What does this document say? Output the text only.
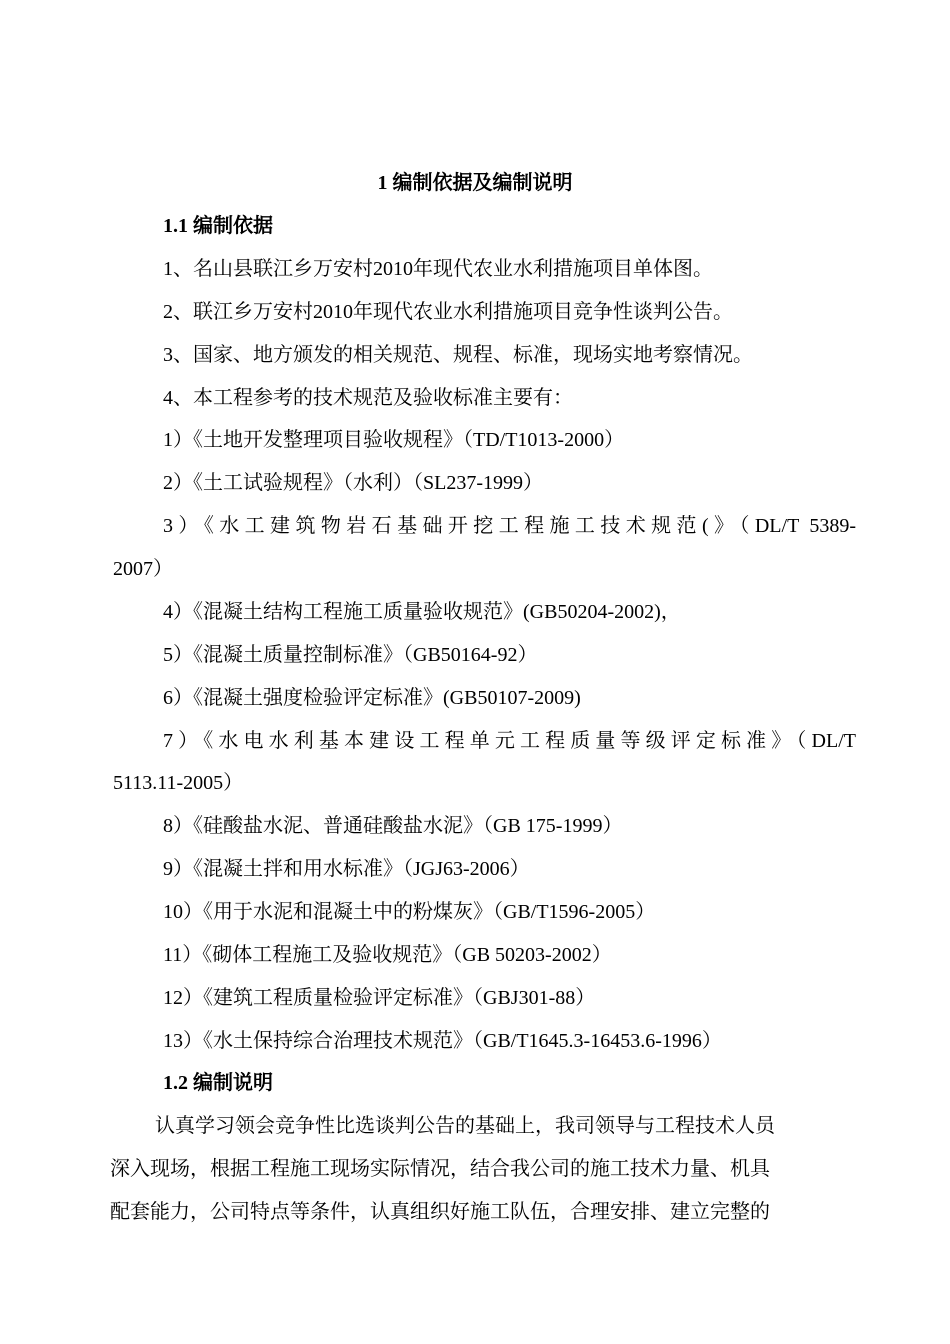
1 编制依据及编制说明
1.1 编制依据
1、名山县联江乡万安村2010年现代农业水利措施项目单体图。
2、联江乡万安村2010年现代农业水利措施项目竞争性谈判公告。
3、国家、地方颁发的相关规范、规程、标准，现场实地考察情况。
4、本工程参考的技术规范及验收标准主要有：
1）《土地开发整理项目验收规程》（TD/T1013-2000）
2）《土工试验规程》（水利）（SL237-1999）
3）《水工建筑物岩石基础开挖工程施工技术规范(》（DL/T 5389-
2007）
4）《混凝土结构工程施工质量验收规范》(GB50204-2002)，
5）《混凝土质量控制标准》（GB50164-92）
6）《混凝土强度检验评定标准》(GB50107-2009)
7）《水电水利基本建设工程单元工程质量等级评定标准》（DL/T
5113.11-2005）
8）《硅酸盐水泥、普通硅酸盐水泥》（GB 175-1999）
9）《混凝土拌和用水标准》（JGJ63-2006）
10）《用于水泥和混凝土中的粉煤灰》（GB/T1596-2005）
11）《砌体工程施工及验收规范》（GB 50203-2002）
12）《建筑工程质量检验评定标准》（GBJ301-88）
13）《水土保持综合治理技术规范》（GB/T1645.3-16453.6-1996）
1.2 编制说明
认真学习领会竞争性比选谈判公告的基础上，我司领导与工程技术人员
深入现场，根据工程施工现场实际情况，结合我公司的施工技术力量、机具
配套能力，公司特点等条件，认真组织好施工队伍，合理安排、建立完整的
